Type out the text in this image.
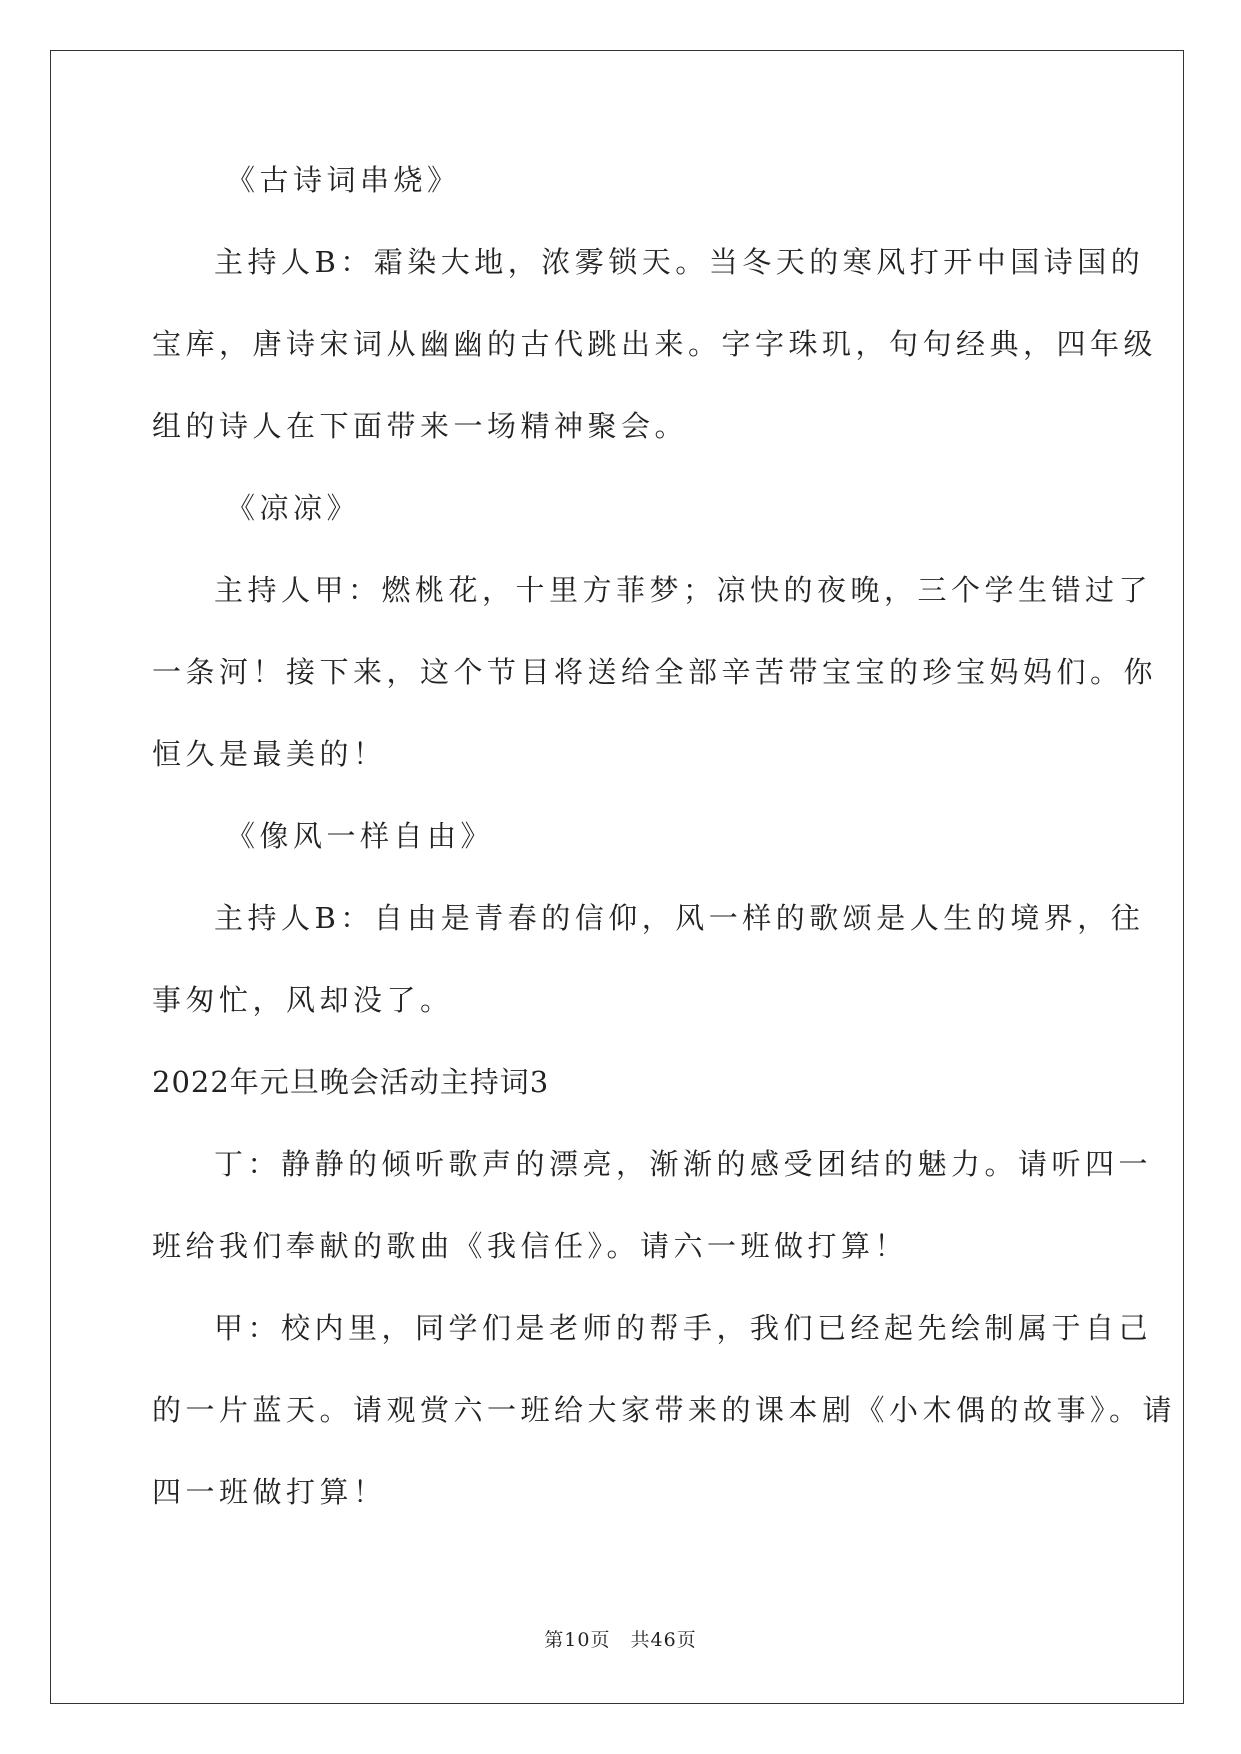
《古诗词串烧》
主持人B：霜染大地，浓雾锁天。当冬天的寒风打开中国诗国的
宝库，唐诗宋词从幽幽的古代跳出来。字字珠玑，句句经典，四年级
组的诗人在下面带来一场精神聚会。
《凉凉》
主持人甲：燃桃花，十里方菲梦；凉快的夜晚，三个学生错过了
一条河！接下来，这个节目将送给全部辛苦带宝宝的珍宝妈妈们。你
恒久是最美的！
《像风一样自由》
主持人B：自由是青春的信仰，风一样的歌颂是人生的境界，往
事匆忙，风却没了。
2022年元旦晚会活动主持词3
丁：静静的倾听歌声的漂亮，渐渐的感受团结的魅力。请听四一
班给我们奉献的歌曲《我信任》。请六一班做打算！
甲：校内里，同学们是老师的帮手，我们已经起先绘制属于自己
的一片蓝天。请观赏六一班给大家带来的课本剧《小木偶的故事》。请
四一班做打算！
第10页　共46页
